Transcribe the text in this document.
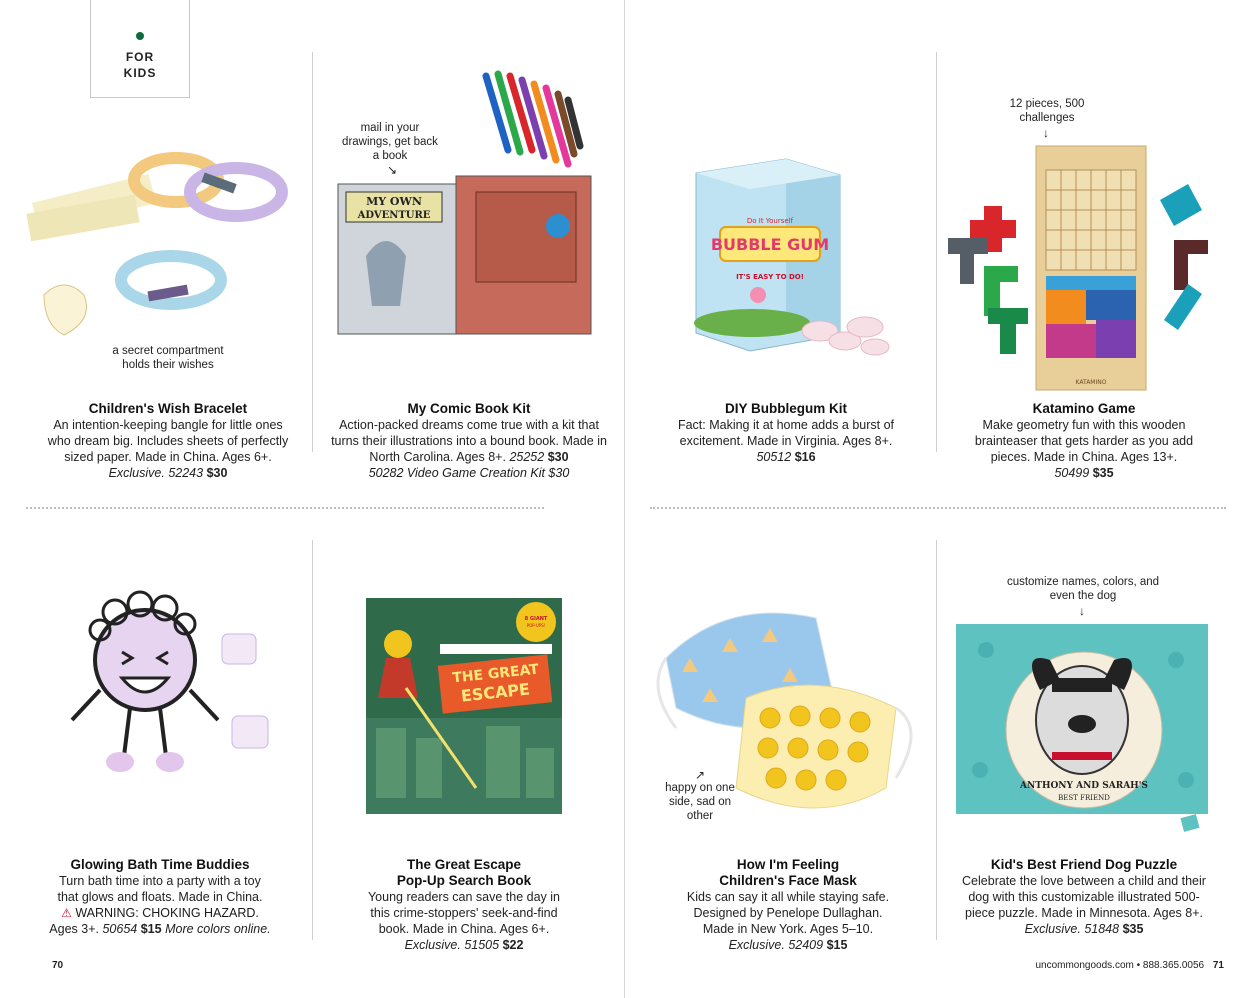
FOR KIDS
MY OWN
ADVENTURE
BUBBLE GUM
Do It Yourself
IT'S EASY TO DO!
KATAMINO
8 GIANT
POP-UPS!
THE GREAT
ESCAPE
ANTHONY AND SARAH'S
BEST FRIEND
a secret compartment holds their wishes
mail in your drawings, get back a book
↘
12 pieces, 500 challenges
↓
happy on one side, sad on other
↗
customize names, colors, and even the dog
↓
Children's Wish Bracelet
An intention-keeping bangle for little ones who dream big. Includes sheets of perfectly sized paper. Made in China. Ages 6+.
Exclusive. 52243 $30
My Comic Book Kit
Action-packed dreams come true with a kit that turns their illustrations into a bound book. Made in North Carolina. Ages 8+. 25252 $30
50282 Video Game Creation Kit $30
DIY Bubblegum Kit
Fact: Making it at home adds a burst of excitement. Made in Virginia. Ages 8+.
50512 $16
Katamino Game
Make geometry fun with this wooden brainteaser that gets harder as you add pieces. Made in China. Ages 13+.
50499 $35
Glowing Bath Time Buddies
Turn bath time into a party with a toy that glows and floats. Made in China.
⚠ WARNING: CHOKING HAZARD.
Ages 3+. 50654 $15 More colors online.
The Great Escape
Pop-Up Search Book
Young readers can save the day in this crime-stoppers' seek-and-find book. Made in China. Ages 6+.
Exclusive. 51505 $22
How I'm Feeling
Children's Face Mask
Kids can say it all while staying safe. Designed by Penelope Dullaghan. Made in New York. Ages 5–10.
Exclusive. 52409 $15
Kid's Best Friend Dog Puzzle
Celebrate the love between a child and their dog with this customizable illustrated 500-piece puzzle. Made in Minnesota. Ages 8+.
Exclusive. 51848 $35
70	uncommongoods.com • 888.365.0056 71
